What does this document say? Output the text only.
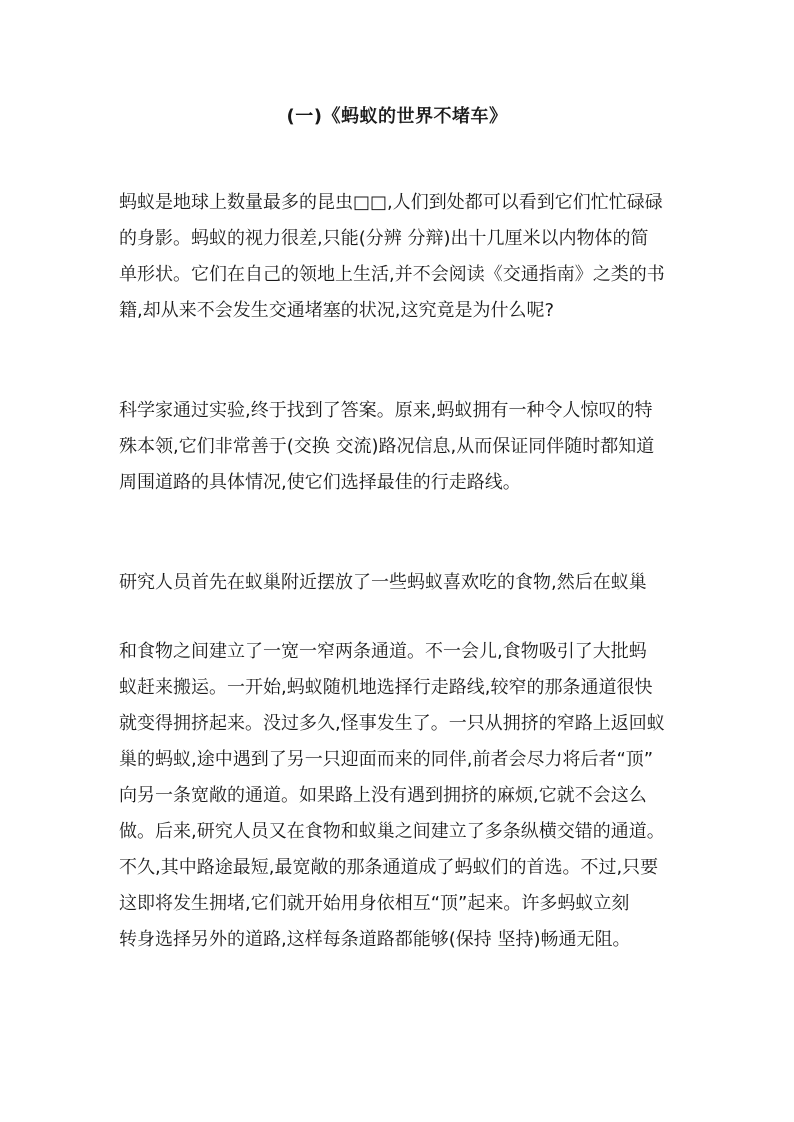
(一)《蚂蚁的世界不堵车》

蚂蚁是地球上数量最多的昆虫□□,人们到处都可以看到它们忙忙碌碌
的身影。蚂蚁的视力很差,只能(分辨 分辩)出十几厘米以内物体的简
单形状。它们在自己的领地上生活,并不会阅读《交通指南》之类的书
籍,却从来不会发生交通堵塞的状况,这究竟是为什么呢?

科学家通过实验,终于找到了答案。原来,蚂蚁拥有一种令人惊叹的特
殊本领,它们非常善于(交换 交流)路况信息,从而保证同伴随时都知道
周围道路的具体情况,使它们选择最佳的行走路线。

研究人员首先在蚁巢附近摆放了一些蚂蚁喜欢吃的食物,然后在蚁巢

和食物之间建立了一宽一窄两条通道。不一会儿,食物吸引了大批蚂
蚁赶来搬运。一开始,蚂蚁随机地选择行走路线,较窄的那条通道很快
就变得拥挤起来。没过多久,怪事发生了。一只从拥挤的窄路上返回蚁
巢的蚂蚁,途中遇到了另一只迎面而来的同伴,前者会尽力将后者“顶”
向另一条宽敞的通道。如果路上没有遇到拥挤的麻烦,它就不会这么
做。后来,研究人员又在食物和蚁巢之间建立了多条纵横交错的通道。
不久,其中路途最短,最宽敞的那条通道成了蚂蚁们的首选。不过,只要
这即将发生拥堵,它们就开始用身依相互“顶”起来。许多蚂蚁立刻
转身选择另外的道路,这样每条道路都能够(保持 坚持)畅通无阻。
